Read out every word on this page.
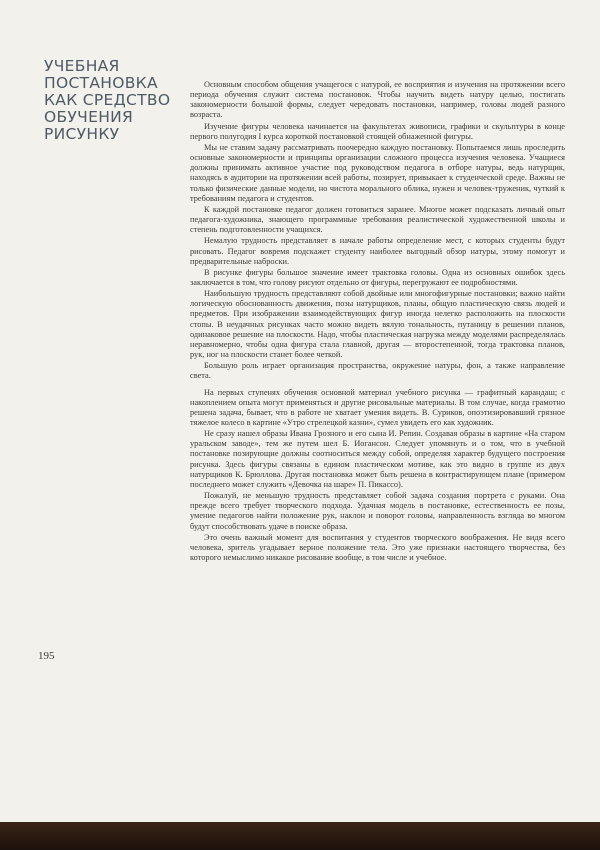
УЧЕБНАЯ
ПОСТАНОВКА
КАК СРЕДСТВО
ОБУЧЕНИЯ
РИСУНКУ

Основным способом общения учащегося с натурой, ее восприятия и изучения на протяжении всего периода обучения служит система постановок. Чтобы научить видеть натуру целью, постигать закономерности большой формы, следует чередовать постановки, например, головы людей разного возраста.

Изучение фигуры человека начинается на факультетах живописи, графики и скульптуры в конце первого полугодия I курса короткой постановкой стоящей обнаженной фигуры.

Мы не ставим задачу рассматривать поочередно каждую постановку. Попытаемся лишь проследить основные закономерности и принципы организации сложного процесса изучения человека. Учащиеся должны принимать активное участие под руководством педагога в отборе натуры, ведь натурщик, находясь в аудитории на протяжении всей работы, позирует, привыкает к студенческой среде. Важны не только физические данные модели, но чистота морального облика, нужен и человек-труженик, чуткий к требованиям педагога и студентов.

К каждой постановке педагог должен готовиться заранее. Многое может подсказать личный опыт педагога-художника, знающего программные требования реалистической художественной школы и степень подготовленности учащихся.

Немалую трудность представляет в начале работы определение мест, с которых студенты будут рисовать. Педагог вовремя подскажет студенту наиболее выгодный обзор натуры, этому помогут и предварительные наброски.

В рисунке фигуры большое значение имеет трактовка головы. Одна из основных ошибок здесь заключается в том, что голову рисуют отдельно от фигуры, перегружают ее подробностями.

Наибольшую трудность представляют собой двойные или многофигурные постановки; важно найти логическую обоснованность движения, позы натурщиков, планы, общую пластическую связь людей и предметов. При изображении взаимодействующих фигур иногда нелегко расположить на плоскости стопы. В неудачных рисунках часто можно видеть вялую тональность, путаницу в решении планов, одинаковое решение на плоскости. Надо, чтобы пластическая нагрузка между моделями распределялась неравномерно, чтобы одна фигура стала главной, другая — второстепенной, тогда трактовка планов, рук, ног на плоскости станет более четкой.

Большую роль играет организация пространства, окружение натуры, фон, а также направление света.

На первых ступенях обучения основной материал учебного рисунка — графитный карандаш; с накоплением опыта могут применяться и другие рисовальные материалы. В том случае, когда грамотно решена задача, бывает, что в работе не хватает умения видеть. В. Суриков, опоэтизировавший грязное тяжелое колесо в картине «Утро стрелецкой казни», сумел увидеть его как художник.

Не сразу нашел образы Ивана Грозного и его сына И. Репин. Создавая образы в картине «На старом уральском заводе», тем же путем шел Б. Иогансон. Следует упомянуть и о том, что в учебной постановке позирующие должны соотноситься между собой, определяя характер будущего построения рисунка. Здесь фигуры связаны в едином пластическом мотиве, как это видно в группе из двух натурщиков К. Брюллова. Другая постановка может быть решена в контрастирующем плане (примером последнего может служить «Девочка на шаре» П. Пикассо).

Пожалуй, не меньшую трудность представляет собой задача создания портрета с руками. Она прежде всего требует творческого подхода. Удачная модель в постановке, естественность ее позы, умение педагогов найти положение рук, наклон и поворот головы, направленность взгляда во многом будут способствовать удаче в поиске образа.

Это очень важный момент для воспитания у студентов творческого воображения. Не видя всего человека, зритель угадывает верное положение тела. Это уже признаки настоящего творчества, без которого немыслимо никакое рисование вообще, в том числе и учебное.

195
